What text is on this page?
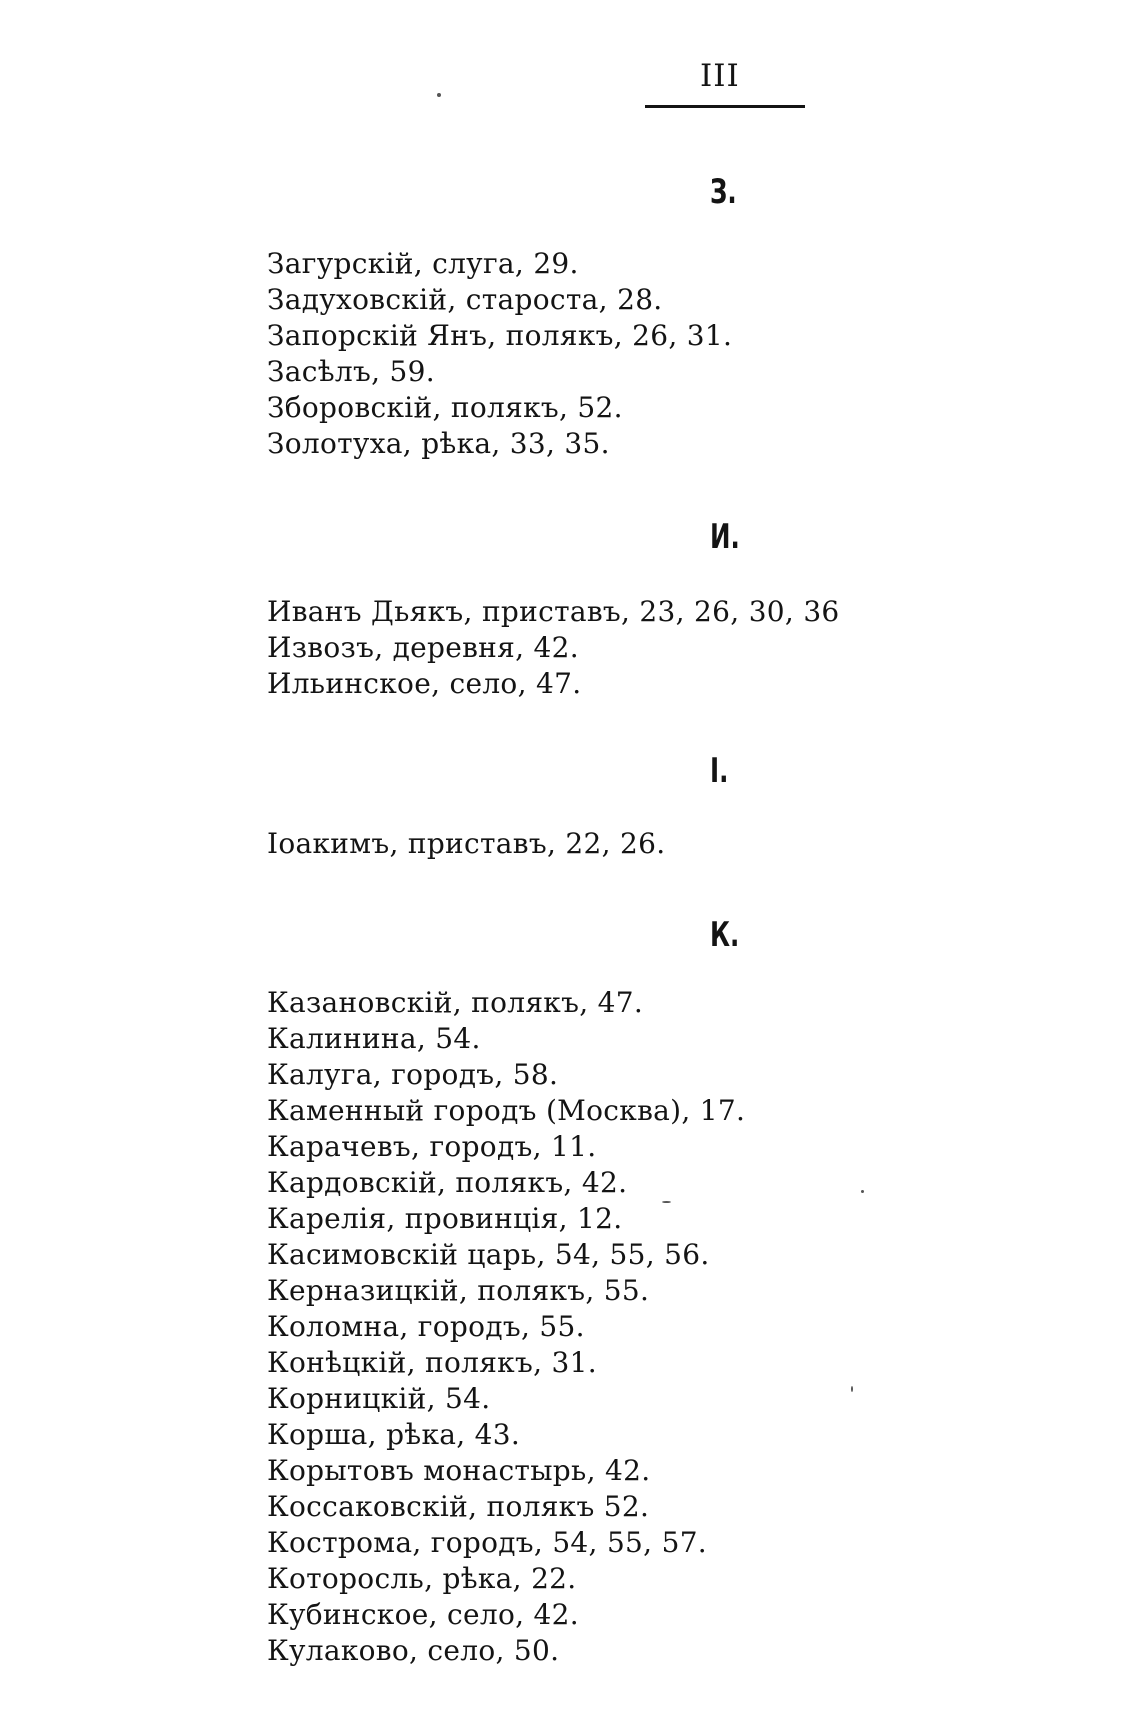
III
З.
Загурскій, слуга, 29.
Задуховскій, староста, 28.
Запорскій Янъ, полякъ, 26, 31.
Засѣлъ, 59.
Зборовскій, полякъ, 52.
Золотуха, рѣка, 33, 35.
И.
Иванъ Дьякъ, приставъ, 23, 26, 30, 36
Извозъ, деревня, 42.
Ильинское, село, 47.
І.
Іоакимъ, приставъ, 22, 26.
К.
Казановскій, полякъ, 47.
Калинина, 54.
Калуга, городъ, 58.
Каменный городъ (Москва), 17.
Карачевъ, городъ, 11.
Кардовскій, полякъ, 42.
Карелія, провинція, 12.
Касимовскій царь, 54, 55, 56.
Керназицкій, полякъ, 55.
Коломна, городъ, 55.
Конѣцкій, полякъ, 31.
Корницкій, 54.
Корша, рѣка, 43.
Корытовъ монастырь, 42.
Коссаковскій, полякъ 52.
Кострома, городъ, 54, 55, 57.
Которосль, рѣка, 22.
Кубинское, село, 42.
Кулаково, село, 50.
